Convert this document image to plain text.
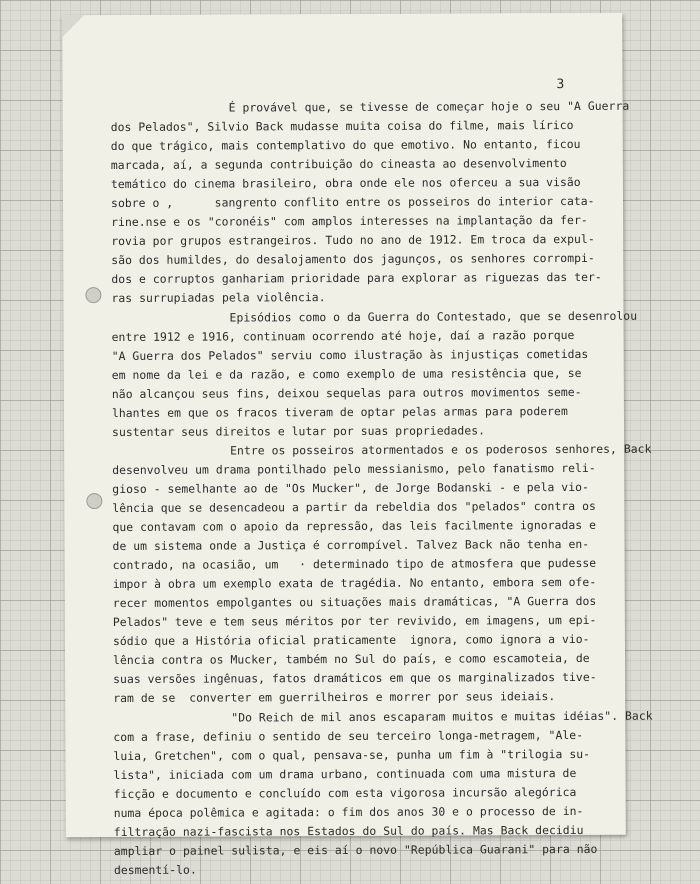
3
É provável que, se tivesse de começar hoje o seu "A Guerra
dos Pelados", Silvio Back mudasse muita coisa do filme, mais lírico
do que trágico, mais contemplativo do que emotivo. No entanto, ficou
marcada, aí, a segunda contribuição do cineasta ao desenvolvimento
temático do cinema brasileiro, obra onde ele nos oferceu a sua visão
sobre o ,      sangrento conflito entre os posseiros do interior cata-
rine.nse e os "coronéis" com amplos interesses na implantação da fer-
rovia por grupos estrangeiros. Tudo no ano de 1912. Em troca da expul-
são dos humildes, do desalojamento dos jagunços, os senhores corrompi-
dos e corruptos ganhariam prioridade para explorar as riguezas das ter-
ras surrupiadas pela violência.
Episódios como o da Guerra do Contestado, que se desenrolou
entre 1912 e 1916, continuam ocorrendo até hoje, daí a razão porque
"A Guerra dos Pelados" serviu como ilustração às injustiças cometidas
em nome da lei e da razão, e como exemplo de uma resistência que, se
não alcançou seus fins, deixou sequelas para outros movimentos seme-
lhantes em que os fracos tiveram de optar pelas armas para poderem
sustentar seus direitos e lutar por suas propriedades.
Entre os posseiros atormentados e os poderosos senhores, Back
desenvolveu um drama pontilhado pelo messianismo, pelo fanatismo reli-
gioso - semelhante ao de "Os Mucker", de Jorge Bodanski - e pela vio-
lência que se desencadeou a partir da rebeldia dos "pelados" contra os
que contavam com o apoio da repressão, das leis facilmente ignoradas e
de um sistema onde a Justiça é corrompível. Talvez Back não tenha en-
contrado, na ocasião, um   · determinado tipo de atmosfera que pudesse
impor à obra um exemplo exata de tragédia. No entanto, embora sem ofe-
recer momentos empolgantes ou situações mais dramáticas, "A Guerra dos
Pelados" teve e tem seus méritos por ter revivido, em imagens, um epi-
sódio que a História oficial praticamente  ignora, como ignora a vio-
lência contra os Mucker, também no Sul do país, e como escamoteia, de
suas versões ingênuas, fatos dramáticos em que os marginalizados tive-
ram de se  converter em guerrilheiros e morrer por seus ideiais.
"Do Reich de mil anos escaparam muitos e muitas idéias". Back
com a frase, definiu o sentido de seu terceiro longa-metragem, "Ale-
luia, Gretchen", com o qual, pensava-se, punha um fim à "trilogia su-
lista", iniciada com um drama urbano, continuada com uma mistura de
ficção e documento e concluído com esta vigorosa incursão alegórica
numa época polêmica e agitada: o fim dos anos 30 e o processo de in-
filtração nazi-fascista nos Estados do Sul do país. Mas Back decidiu
ampliar o painel sulista, e eis aí o novo "República Guarani" para não
desmentí-lo.
